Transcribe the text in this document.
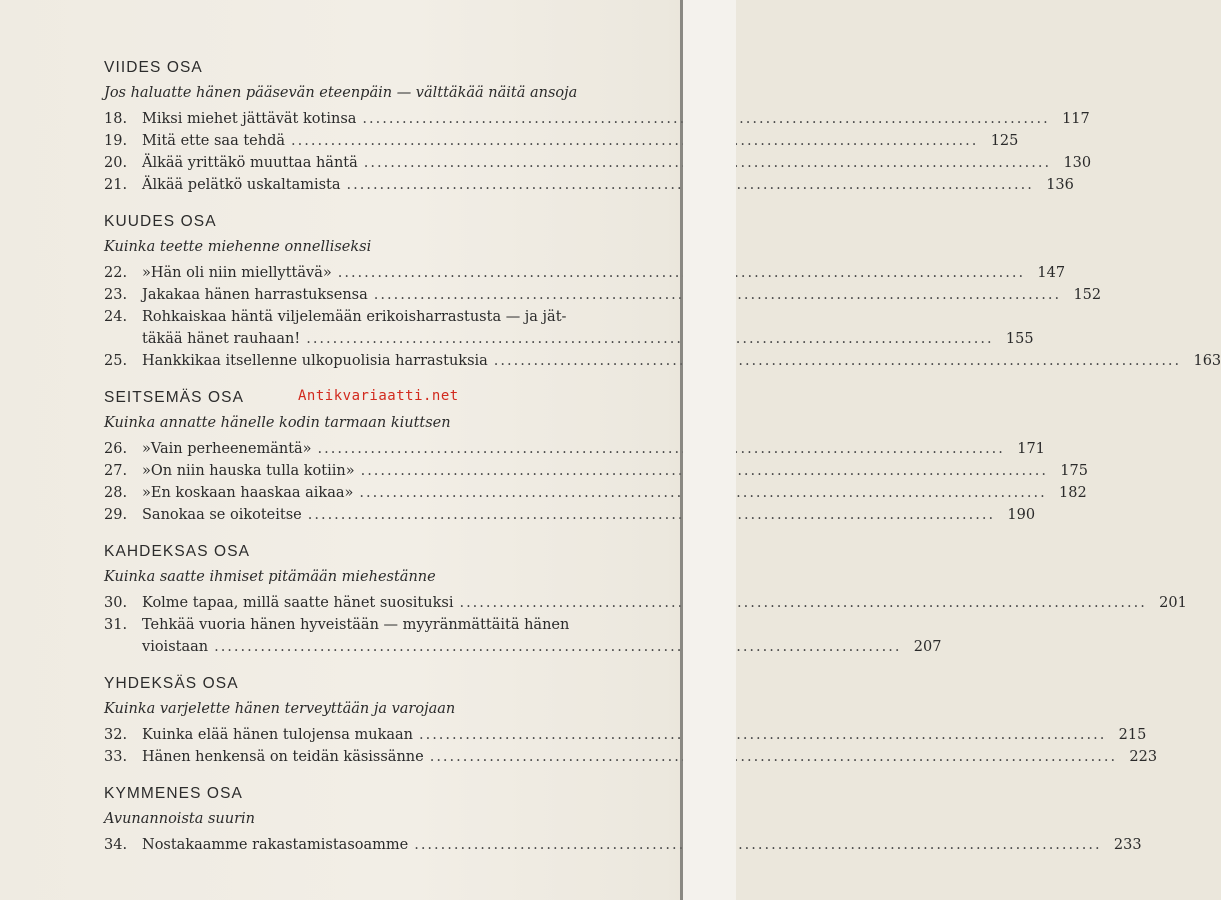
VIIDES OSA
Jos haluatte hänen pääsevän eteenpäin — välttäkää näitä ansoja
18.	Miksi miehet jättävät kotinsa .....	117
19.	Mitä ette saa tehdä .....	125
20.	Älkää yrittäkö muuttaa häntä .....	130
21.	Älkää pelätkö uskaltamista .....	136
KUUDES OSA
Kuinka teette miehenne onnelliseksi
22.	»Hän oli niin miellyttävä» .....	147
23.	Jakakaa hänen harrastuksensa .....	152
24.	Rohkaiskaa häntä viljelemään erikoisharrastusta — ja jät-
täkää hänet rauhaan! .....	155
25.	Hankkikaa itsellenne ulkopuolisia harrastuksia .....	163
SEITSEMÄS OSA
Kuinka annatte hänelle kodin tarmaan kiuttsen
26.	»Vain perheenemäntä» .....	171
27.	»On niin hauska tulla kotiin» .....	175
28.	»En koskaan haaskaa aikaa» .....	182
29.	Sanokaa se oikoteitse .....	190
KAHDEKSAS OSA
Kuinka saatte ihmiset pitämään miehestänne
30.	Kolme tapaa, millä saatte hänet suosituksi .....	201
31.	Tehkää vuoria hänen hyveistään — myyränmättäitä hänen
vioistaan .....	207
YHDEKSÄS OSA
Kuinka varjelette hänen terveyttään ja varojaan
32.	Kuinka elää hänen tulojensa mukaan .....	215
33.	Hänen henkensä on teidän käsissänne .....	223
KYMMENES OSA
Avunannoista suurin
34.	Nostakaamme rakastamistasoamme .....	233
Antikvariaatti.net
